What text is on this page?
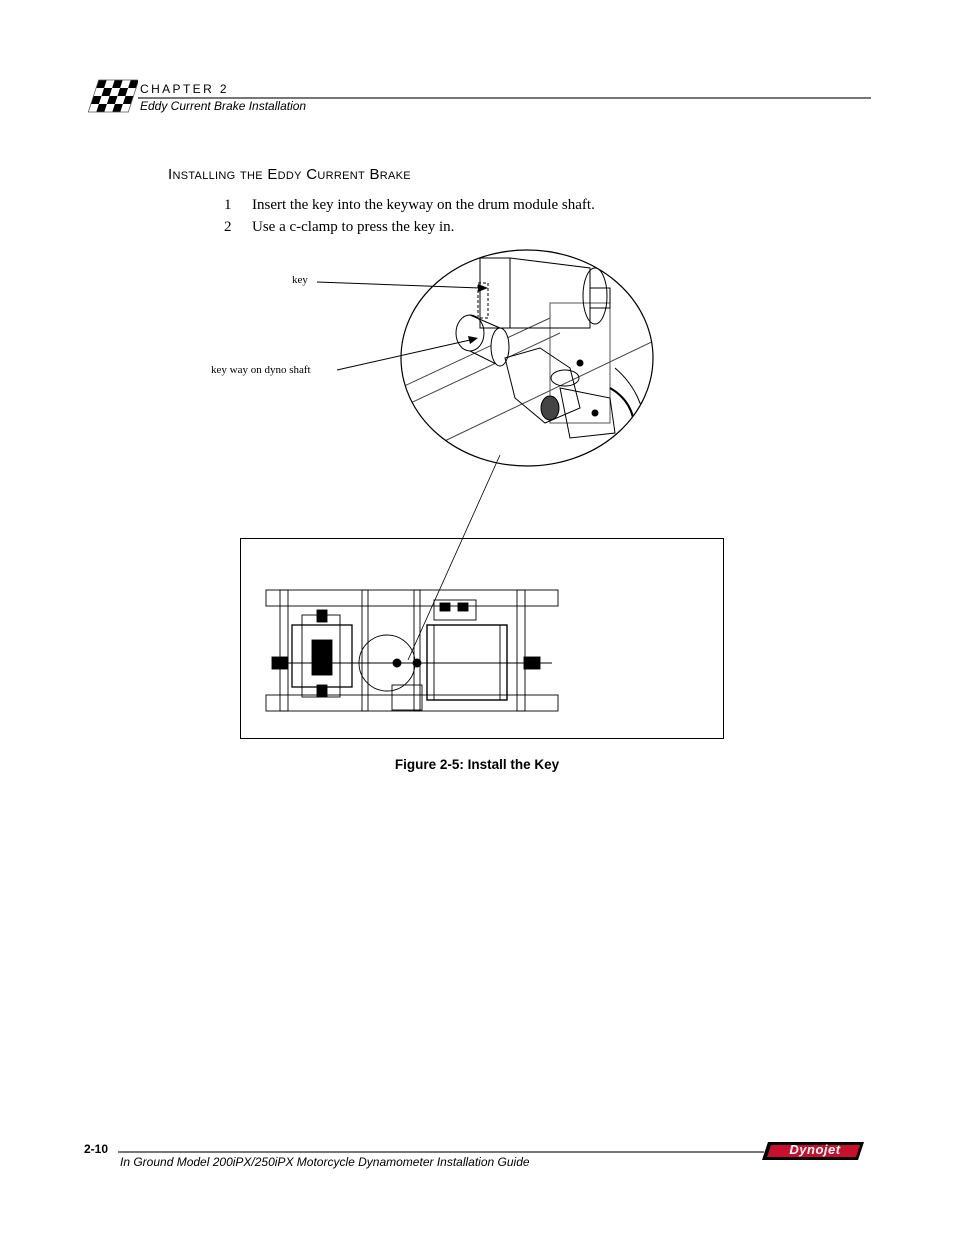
CHAPTER 2
Eddy Current Brake Installation
Installing the Eddy Current Brake
1 Insert the key into the keyway on the drum module shaft.
2 Use a c-clamp to press the key in.
key
key way on dyno shaft
Figure 2-5: Install the Key
2-10
In Ground Model 200iPX/250iPX Motorcycle Dynamometer Installation Guide
Dynojet
